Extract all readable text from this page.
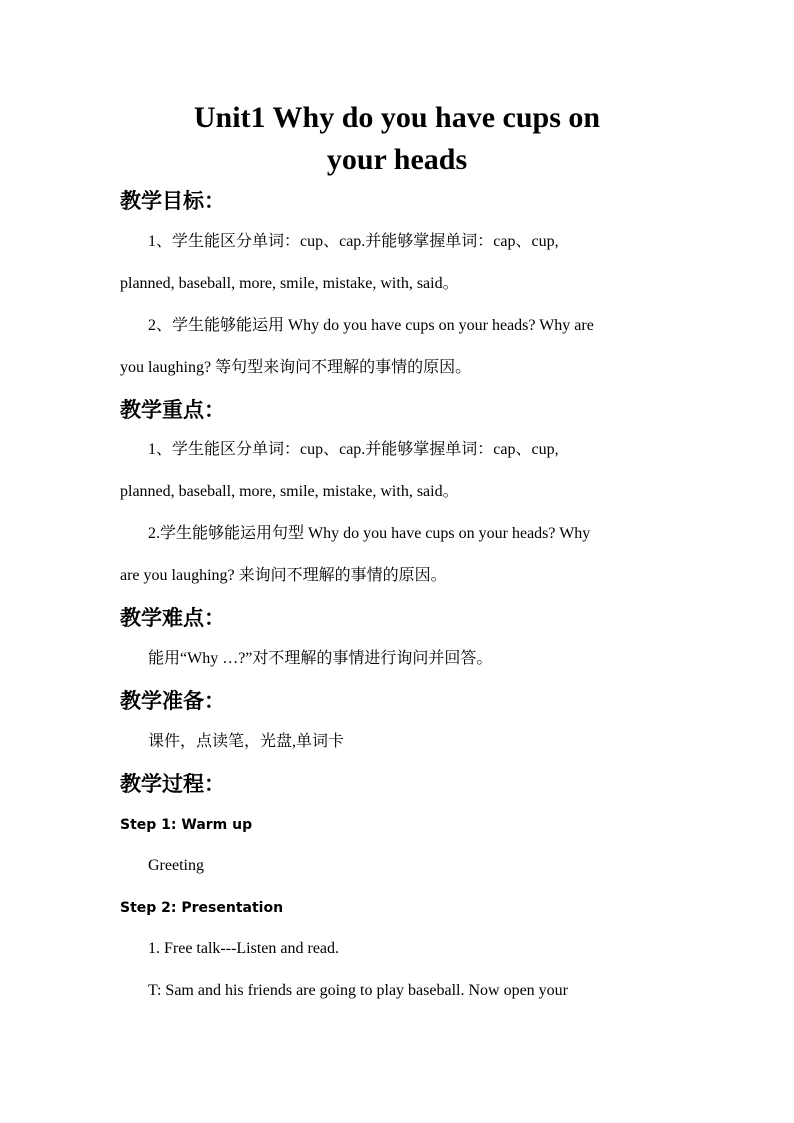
Unit1 Why do you have cups on
your heads
教学目标：
1、学生能区分单词：cup、cap.并能够掌握单词：cap、cup,
planned, baseball, more, smile, mistake, with, said。
2、学生能够能运用 Why do you have cups on your heads? Why are
you laughing? 等句型来询问不理解的事情的原因。
教学重点：
1、学生能区分单词：cup、cap.并能够掌握单词：cap、cup,
planned, baseball, more, smile, mistake, with, said。
2.学生能够能运用句型 Why do you have cups on your heads? Why
are you laughing? 来询问不理解的事情的原因。
教学难点：
能用“Why …?”对不理解的事情进行询问并回答。
教学准备：
课件，点读笔，光盘,单词卡
教学过程：
Step 1: Warm up
Greeting
Step 2: Presentation
1. Free talk---Listen and read.
T: Sam and his friends are going to play baseball. Now open your
